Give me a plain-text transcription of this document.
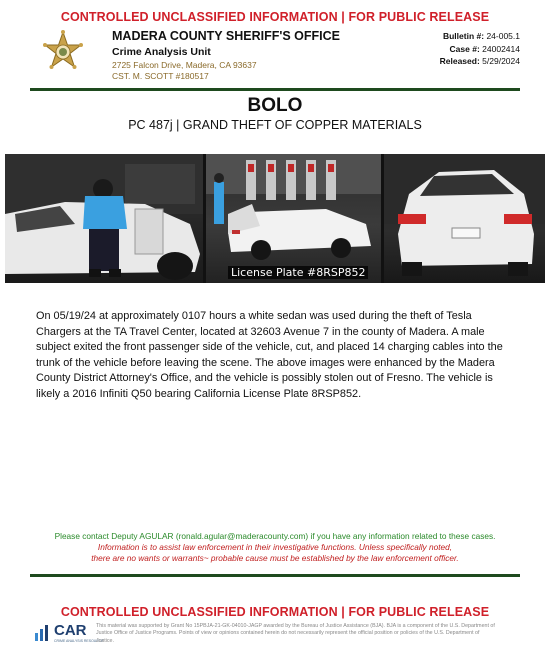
CONTROLLED UNCLASSIFIED INFORMATION | FOR PUBLIC RELEASE
MADERA COUNTY SHERIFF'S OFFICE
Crime Analysis Unit
2725 Falcon Drive, Madera, CA 93637
CST. M. SCOTT #180517
Bulletin #: 24-005.1
Case #: 24002414
Released: 5/29/2024
BOLO
PC 487j | GRAND THEFT OF COPPER MATERIALS
License Plate #8RSP852
On 05/19/24 at approximately 0107 hours a white sedan was used during the theft of Tesla Chargers at the TA Travel Center, located at 32603 Avenue 7 in the county of Madera. A male subject exited the front passenger side of the vehicle, cut, and placed 14 charging cables into the trunk of the vehicle before leaving the scene. The above images were enhanced by the Madera County District Attorney's Office, and the vehicle is possibly stolen out of Fresno. The vehicle is likely a 2016 Infiniti Q50 bearing California License Plate 8RSP852.
Please contact Deputy AGULAR (ronald.agular@maderacounty.com) if you have any information related to these cases.
Information is to assist law enforcement in their investigative functions. Unless specifically noted, there are no wants or warrants~ probable cause must be established by the law enforcement officer.
CONTROLLED UNCLASSIFIED INFORMATION | FOR PUBLIC RELEASE
CAR
CRIME ANALYSIS RESOURCE
This material was supported by Grant No 15PBJA-21-GK-04010-JAGP awarded by the Bureau of Justice Assistance (BJA). BJA is a component of the U.S. Department of Justice Office of Justice Programs. Points of view or opinions contained herein do not necessarily represent the official position or policies of the U.S. Department of Justice.
